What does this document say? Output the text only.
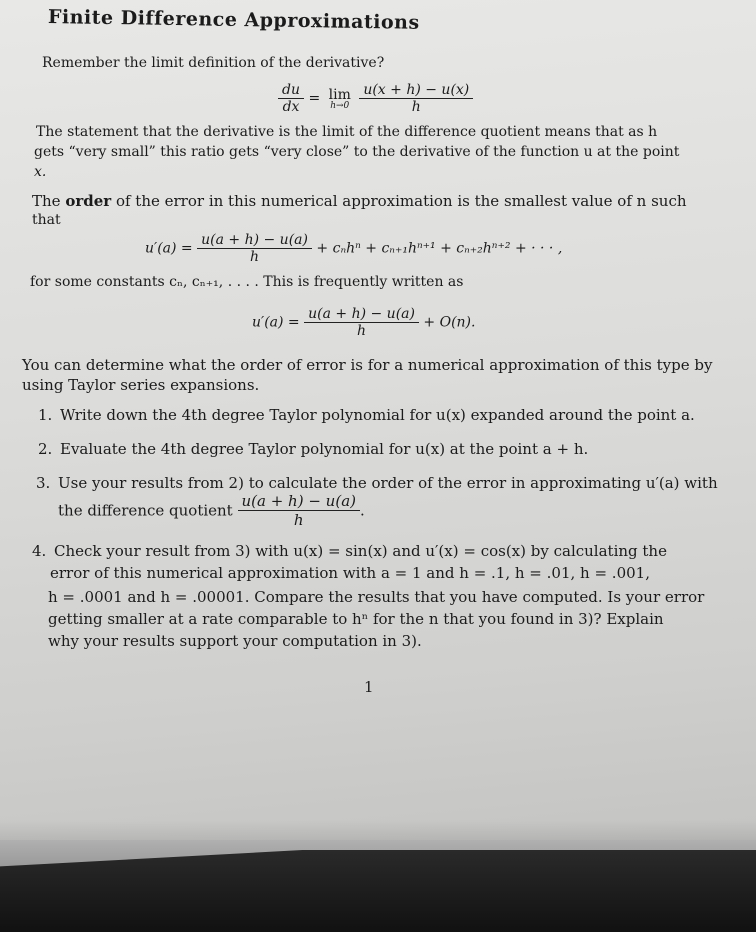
Finite Difference Approximations
Remember the limit definition of the derivative?
$\frac{du}{dx} = \lim$
h→0
$\frac{u(x + h) - u(x)}{h}$
The statement that the derivative is the limit of the difference quotient means that as h
gets “very small” this ratio gets “very close” to the derivative of the function u at the point
x.
The order of the error in this numerical approximation is the smallest value of n such
that
$u'(a) = \frac{u(a + h) - u(a)}{h} + c_nh^n + c_{n+1}h^{n+1} + c_{n+2}h^{n+2}$ + · · · ,
for some constants cₙ, cₙ₊₁, . . . . This is frequently written as
$u'(a) = \frac{u(a + h) - u(a)}{h} + O(n)$.
You can determine what the order of error is for a numerical approximation of this type by
using Taylor series expansions.
1. Write down the 4th degree Taylor polynomial for u(x) expanded around the point a.
2. Evaluate the 4th degree Taylor polynomial for u(x) at the point a + h.
3. Use your results from 2) to calculate the order of the error in approximating u′(a) with
the difference quotient $\frac{u(a + h) - u(a)}{h}$ .
4. Check your result from 3) with u(x) = sin(x) and u′(x) = cos(x) by calculating the
error of this numerical approximation with a = 1 and h = .1, h = .01, h = .001,
h = .0001 and h = .00001. Compare the results that you have computed. Is your error
getting smaller at a rate comparable to hⁿ for the n that you found in 3)? Explain
why your results support your computation in 3).
1
